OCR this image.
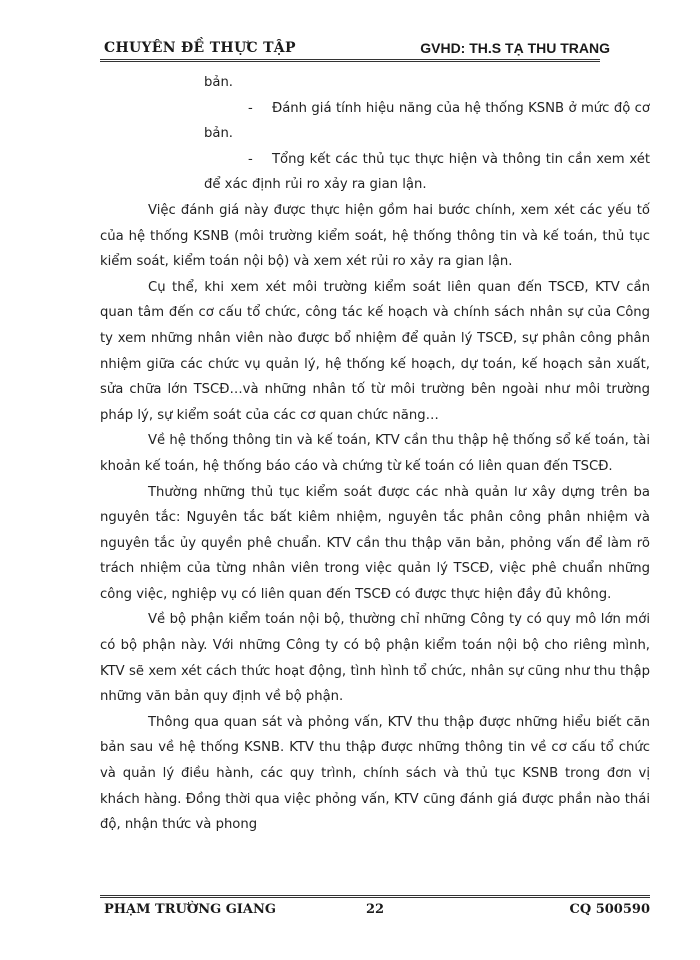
CHUYÊN ĐỀ THỰC TẬP	GVHD: TH.S TẠ THU TRANG

bản.

- Đánh giá tính hiệu năng của hệ thống KSNB ở mức độ cơ bản.

- Tổng kết các thủ tục thực hiện và thông tin cần xem xét để xác định rủi ro xảy ra gian lận.

Việc đánh giá này được thực hiện gồm hai bước chính, xem xét các yếu tố của hệ thống KSNB (môi trường kiểm soát, hệ thống thông tin và kế toán, thủ tục kiểm soát, kiểm toán nội bộ) và xem xét rủi ro xảy ra gian lận.

Cụ thể, khi xem xét môi trường kiểm soát liên quan đến TSCĐ, KTV cần quan tâm đến cơ cấu tổ chức, công tác kế hoạch và chính sách nhân sự của Công ty xem những nhân viên nào được bổ nhiệm để quản lý TSCĐ, sự phân công phân nhiệm giữa các chức vụ quản lý, hệ thống kế hoạch, dự toán, kế hoạch sản xuất, sửa chữa lớn TSCĐ…và những nhân tố từ môi trường bên ngoài như môi trường pháp lý, sự kiểm soát của các cơ quan chức năng…

Về hệ thống thông tin và kế toán, KTV cần thu thập hệ thống sổ kế toán, tài khoản kế toán, hệ thống báo cáo và chứng từ kế toán có liên quan đến TSCĐ.

Thường những thủ tục kiểm soát được các nhà quản lư xây dựng trên ba nguyên tắc: Nguyên tắc bất kiêm nhiệm, nguyên tắc phân công phân nhiệm và nguyên tắc ủy quyền phê chuẩn. KTV cần thu thập văn bản, phỏng vấn để làm rõ trách nhiệm của từng nhân viên trong việc quản lý TSCĐ, việc phê chuẩn những công việc, nghiệp vụ có liên quan đến TSCĐ có được thực hiện đầy đủ không.

Về bộ phận kiểm toán nội bộ, thường chỉ những Công ty có quy mô lớn mới có bộ phận này. Với những Công ty có bộ phận kiểm toán nội bộ cho riêng mình, KTV sẽ xem xét cách thức hoạt động, tình hình tổ chức, nhân sự cũng như thu thập những văn bản quy định về bộ phận.

Thông qua quan sát và phỏng vấn, KTV thu thập được những hiểu biết căn bản sau về hệ thống KSNB. KTV thu thập được những thông tin về cơ cấu tổ chức và quản lý điều hành, các quy trình, chính sách và thủ tục KSNB trong đơn vị khách hàng. Đồng thời qua việc phỏng vấn, KTV cũng đánh giá được phần nào thái độ, nhận thức và phong

PHẠM TRƯỜNG GIANG	22	CQ 500590
